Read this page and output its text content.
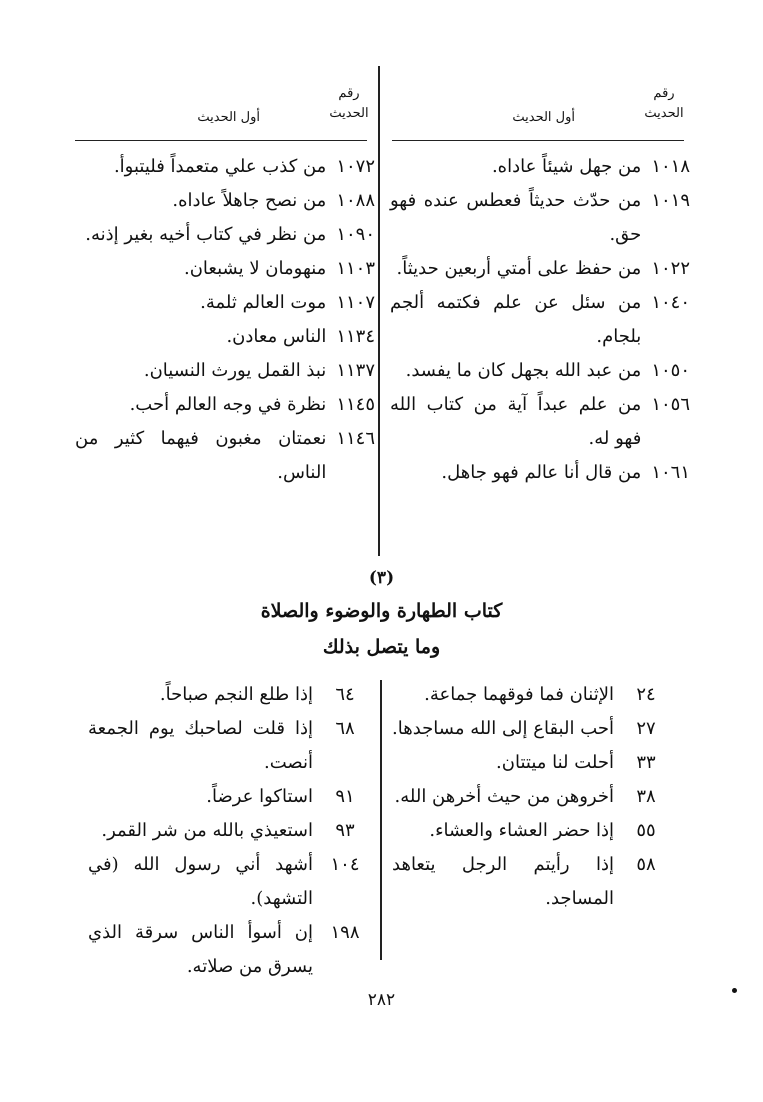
رقم
الحديث
أول الحديث
١٠١٨
من جهل شيئاً عاداه.
١٠١٩
من حدّث حديثاً فعطس عنده فهو حق.
١٠٢٢
من حفظ على أمتي أربعين حديثاً.
١٠٤٠
من سئل عن علم فكتمه ألجم بلجام.
١٠٥٠
من عبد الله بجهل كان ما يفسد.
١٠٥٦
من علم عبداً آية من كتاب الله فهو له.
١٠٦١
من قال أنا عالم فهو جاهل.
رقم
الحديث
أول الحديث
١٠٧٢
من كذب علي متعمداً فليتبوأ.
١٠٨٨
من نصح جاهلاً عاداه.
١٠٩٠
من نظر في كتاب أخيه بغير إذنه.
١١٠٣
منهومان لا يشبعان.
١١٠٧
موت العالم ثلمة.
١١٣٤
الناس معادن.
١١٣٧
نبذ القمل يورث النسيان.
١١٤٥
نظرة في وجه العالم أحب.
١١٤٦
نعمتان مغبون فيهما كثير من الناس.
(٣)
كتاب الطهارة والوضوء والصلاة
وما يتصل بذلك
٢٤
الإثنان فما فوقهما جماعة.
٢٧
أحب البقاع إلى الله مساجدها.
٣٣
أحلت لنا ميتتان.
٣٨
أخروهن من حيث أخرهن الله.
٥٥
إذا حضر العشاء والعشاء.
٥٨
إذا رأيتم الرجل يتعاهد المساجد.
٦٤
إذا طلع النجم صباحاً.
٦٨
إذا قلت لصاحبك يوم الجمعة أنصت.
٩١
استاكوا عرضاً.
٩٣
استعيذي بالله من شر القمر.
١٠٤
أشهد أني رسول الله (في التشهد).
١٩٨
إن أسوأ الناس سرقة الذي يسرق من صلاته.
٢٨٢
